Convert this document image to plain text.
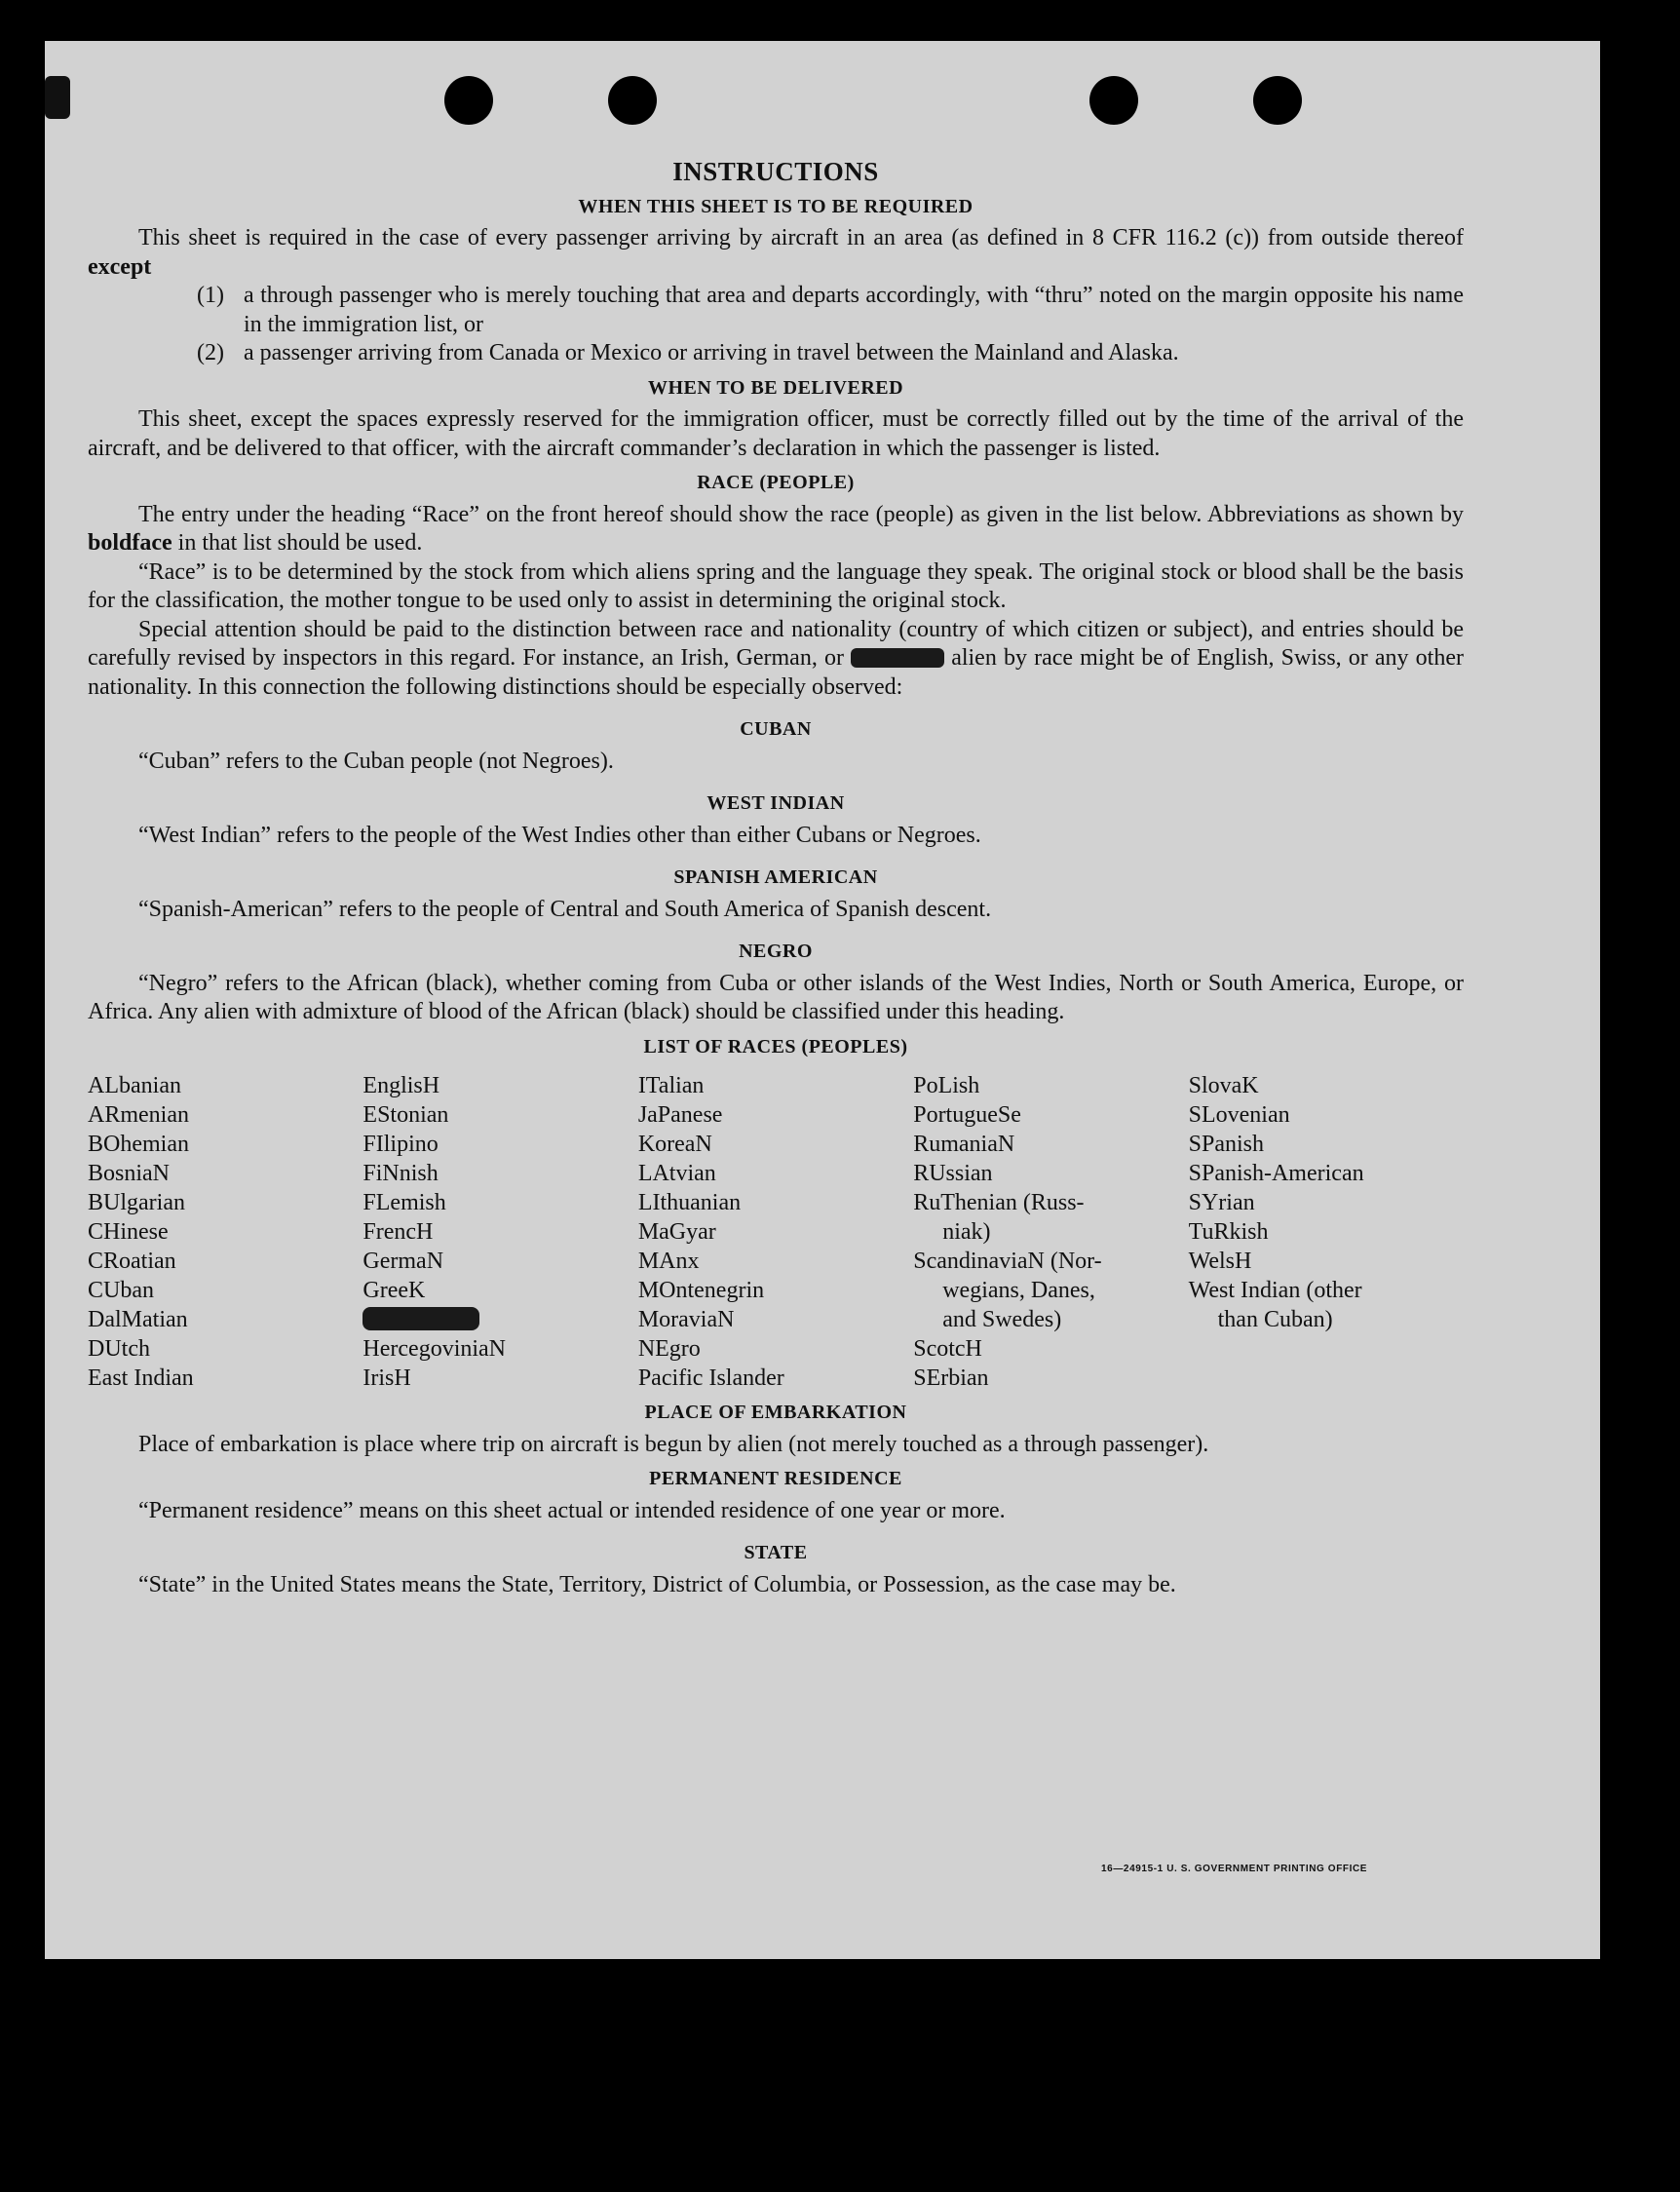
INSTRUCTIONS
WHEN THIS SHEET IS TO BE REQUIRED

This sheet is required in the case of every passenger arriving by aircraft in an area (as defined in 8 CFR 116.2 (c)) from outside thereof except

(1) a through passenger who is merely touching that area and departs accordingly, with “thru” noted on the margin opposite his name in the immigration list, or
(2) a passenger arriving from Canada or Mexico or arriving in travel between the Mainland and Alaska.
WHEN TO BE DELIVERED

This sheet, except the spaces expressly reserved for the immigration officer, must be correctly filled out by the time of the arrival of the aircraft, and be delivered to that officer, with the aircraft commander’s declaration in which the passenger is listed.

RACE (PEOPLE)

The entry under the heading “Race” on the front hereof should show the race (people) as given in the list below. Abbreviations as shown by boldface in that list should be used.

“Race” is to be determined by the stock from which aliens spring and the language they speak. The original stock or blood shall be the basis for the classification, the mother tongue to be used only to assist in determining the original stock.

Special attention should be paid to the distinction between race and nationality (country of which citizen or subject), and entries should be carefully revised by inspectors in this regard. For instance, an Irish, German, or	alien by race might be of English, Swiss, or any other nationality. In this connection the following distinctions should be especially observed:

CUBAN

“Cuban” refers to the Cuban people (not Negroes).

WEST INDIAN

“West Indian” refers to the people of the West Indies other than either Cubans or Negroes.

SPANISH AMERICAN

“Spanish-American” refers to the people of Central and South America of Spanish descent.

NEGRO

“Negro” refers to the African (black), whether coming from Cuba or other islands of the West Indies, North or South America, Europe, or Africa. Any alien with admixture of blood of the African (black) should be classified under this heading.

LIST OF RACES (PEOPLES)
ALbanian
ARmenian
BOhemian
BosniaN
BUlgarian
CHinese
CRoatian
CUban
DalMatian
DUtch
East Indian
EnglisH
EStonian
FIlipino
FiNnish
FLemish
FrencH
GermaN
GreeK
HercegoviniaN
IrisH
ITalian
JaPanese
KoreaN
LAtvian
LIthuanian
MaGyar
MAnx
MOntenegrin
MoraviaN
NEgro
Pacific Islander
PoLish
PortugueSe
RumaniaN
RUssian
RuThenian (Russ-
niak)
ScandinaviaN (Nor-
wegians, Danes,
and Swedes)
ScotcH
SErbian
SlovaK
SLovenian
SPanish
SPanish-American
SYrian
TuRkish
WelsH
West Indian (other
than Cuban)

PLACE OF EMBARKATION

Place of embarkation is place where trip on aircraft is begun by alien (not merely touched as a through passenger).

PERMANENT RESIDENCE

“Permanent residence” means on this sheet actual or intended residence of one year or more.

STATE

“State” in the United States means the State, Territory, District of Columbia, or Possession, as the case may be.

16—24915-1 U. S. GOVERNMENT PRINTING OFFICE
